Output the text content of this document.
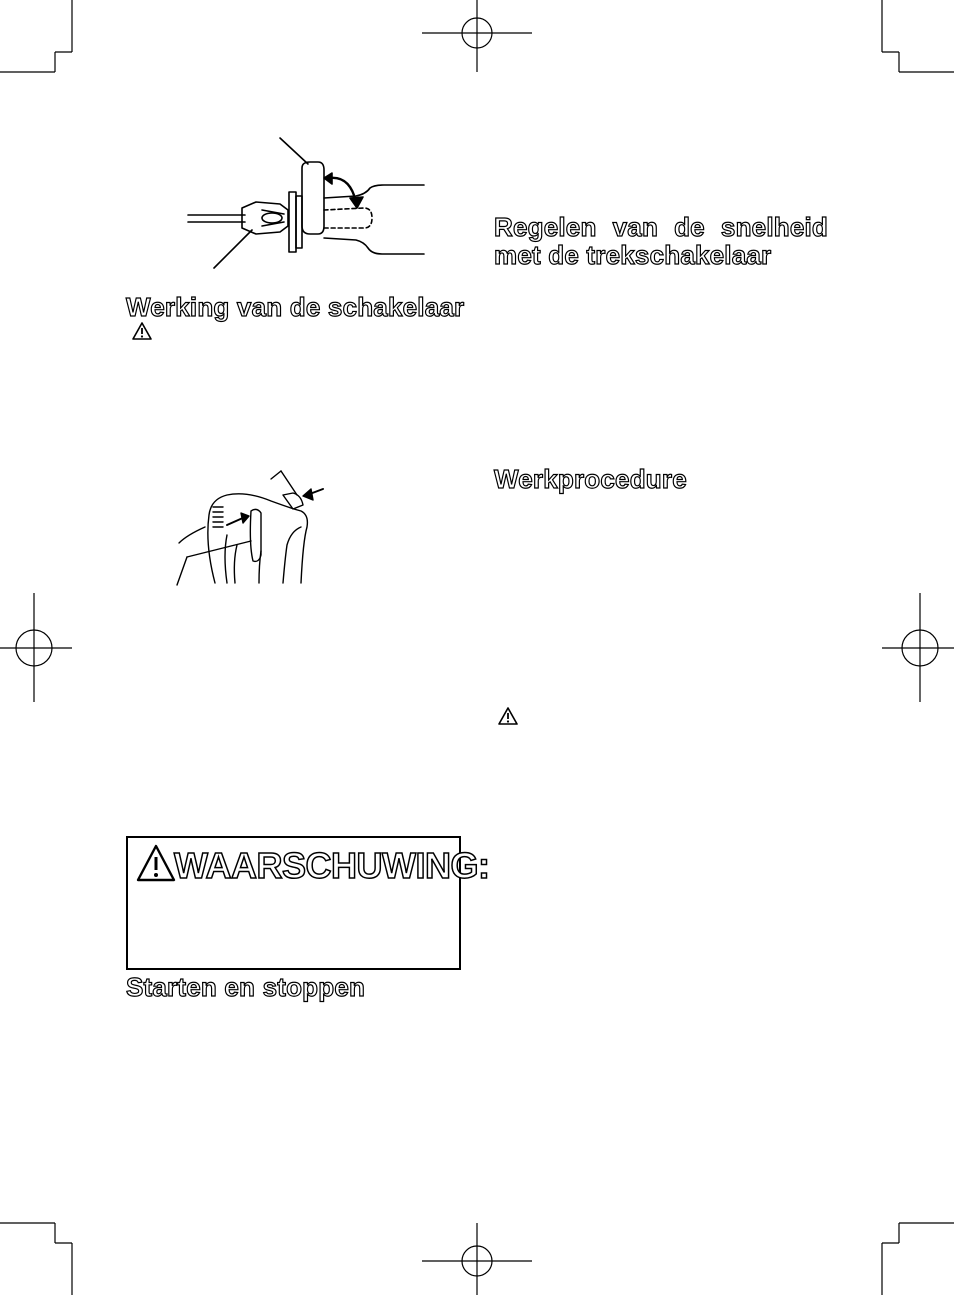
Werking van de schakelaar
WAARSCHUWING:
Starten en stoppen
Regelen van de snelheid
met de trekschakelaar
Werkprocedure
